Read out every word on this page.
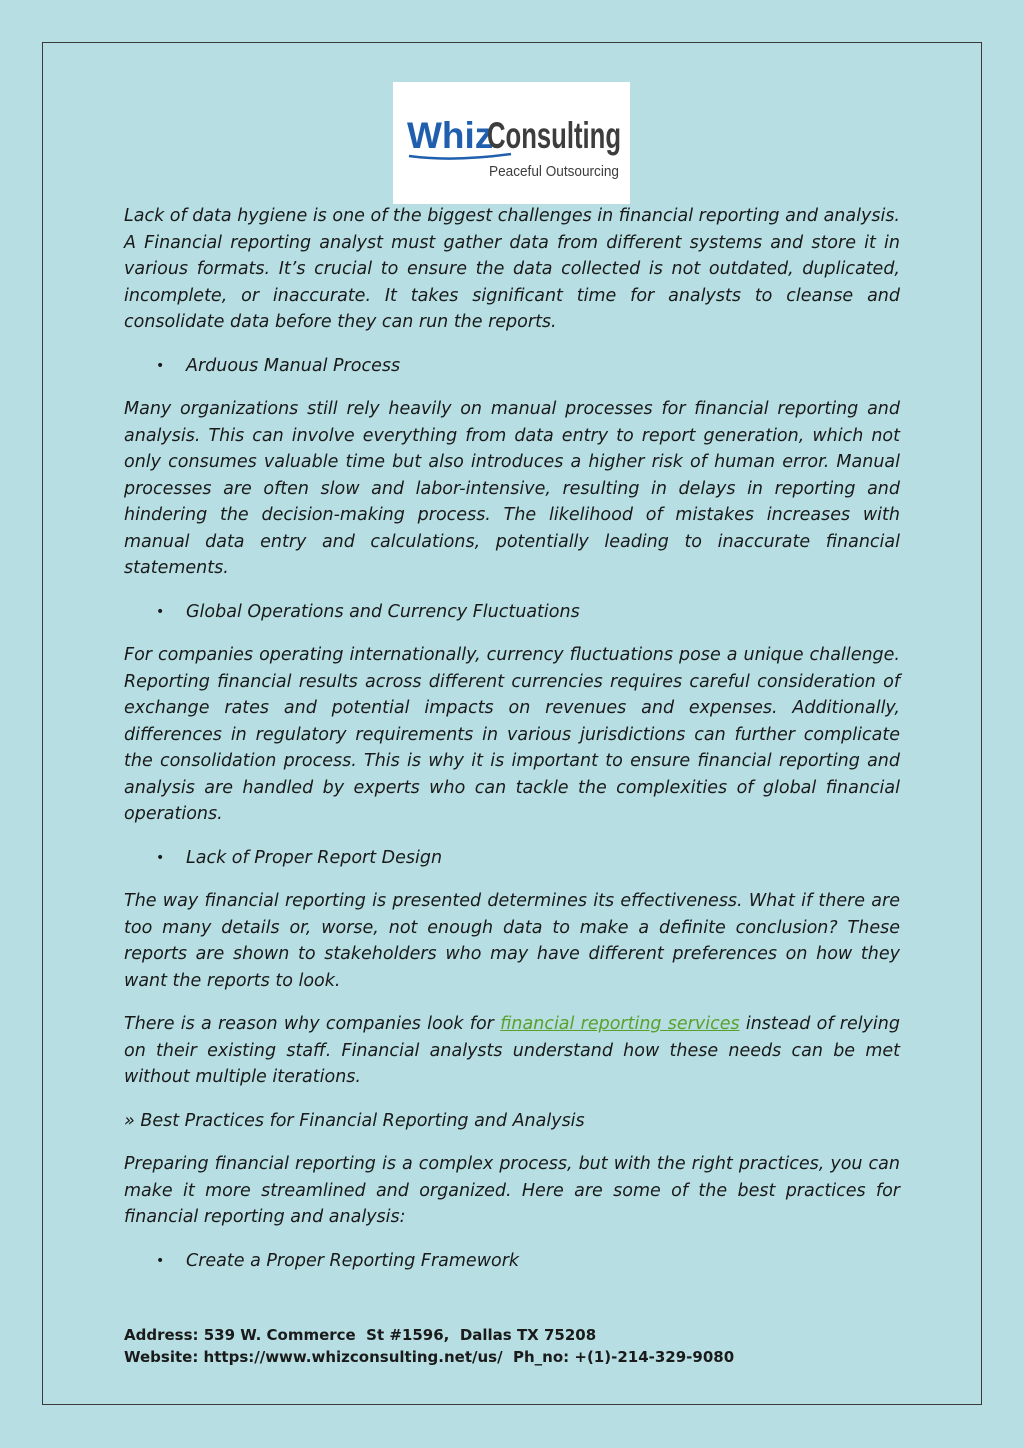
Whiz
Consulting
Peaceful Outsourcing

Lack of data hygiene is one of the biggest challenges in financial reporting and analysis. A Financial reporting analyst must gather data from different systems and store it in various formats. It’s crucial to ensure the data collected is not outdated, duplicated, incomplete, or inaccurate. It takes significant time for analysts to cleanse and consolidate data before they can run the reports.

• Arduous Manual Process

Many organizations still rely heavily on manual processes for financial reporting and analysis. This can involve everything from data entry to report generation, which not only consumes valuable time but also introduces a higher risk of human error. Manual processes are often slow and labor-intensive, resulting in delays in reporting and hindering the decision-making process. The likelihood of mistakes increases with manual data entry and calculations, potentially leading to inaccurate financial statements.

• Global Operations and Currency Fluctuations

For companies operating internationally, currency fluctuations pose a unique challenge. Reporting financial results across different currencies requires careful consideration of exchange rates and potential impacts on revenues and expenses. Additionally, differences in regulatory requirements in various jurisdictions can further complicate the consolidation process. This is why it is important to ensure financial reporting and analysis are handled by experts who can tackle the complexities of global financial operations.

• Lack of Proper Report Design

The way financial reporting is presented determines its effectiveness. What if there are too many details or, worse, not enough data to make a definite conclusion? These reports are shown to stakeholders who may have different preferences on how they want the reports to look.

There is a reason why companies look for financial reporting services instead of relying on their existing staff. Financial analysts understand how these needs can be met without multiple iterations.

» Best Practices for Financial Reporting and Analysis

Preparing financial reporting is a complex process, but with the right practices, you can make it more streamlined and organized. Here are some of the best practices for financial reporting and analysis:

• Create a Proper Reporting Framework
Address: 539 W. Commerce  St #1596,  Dallas TX 75208
Website: https://www.whizconsulting.net/us/  Ph_no: +(1)-214-329-9080
